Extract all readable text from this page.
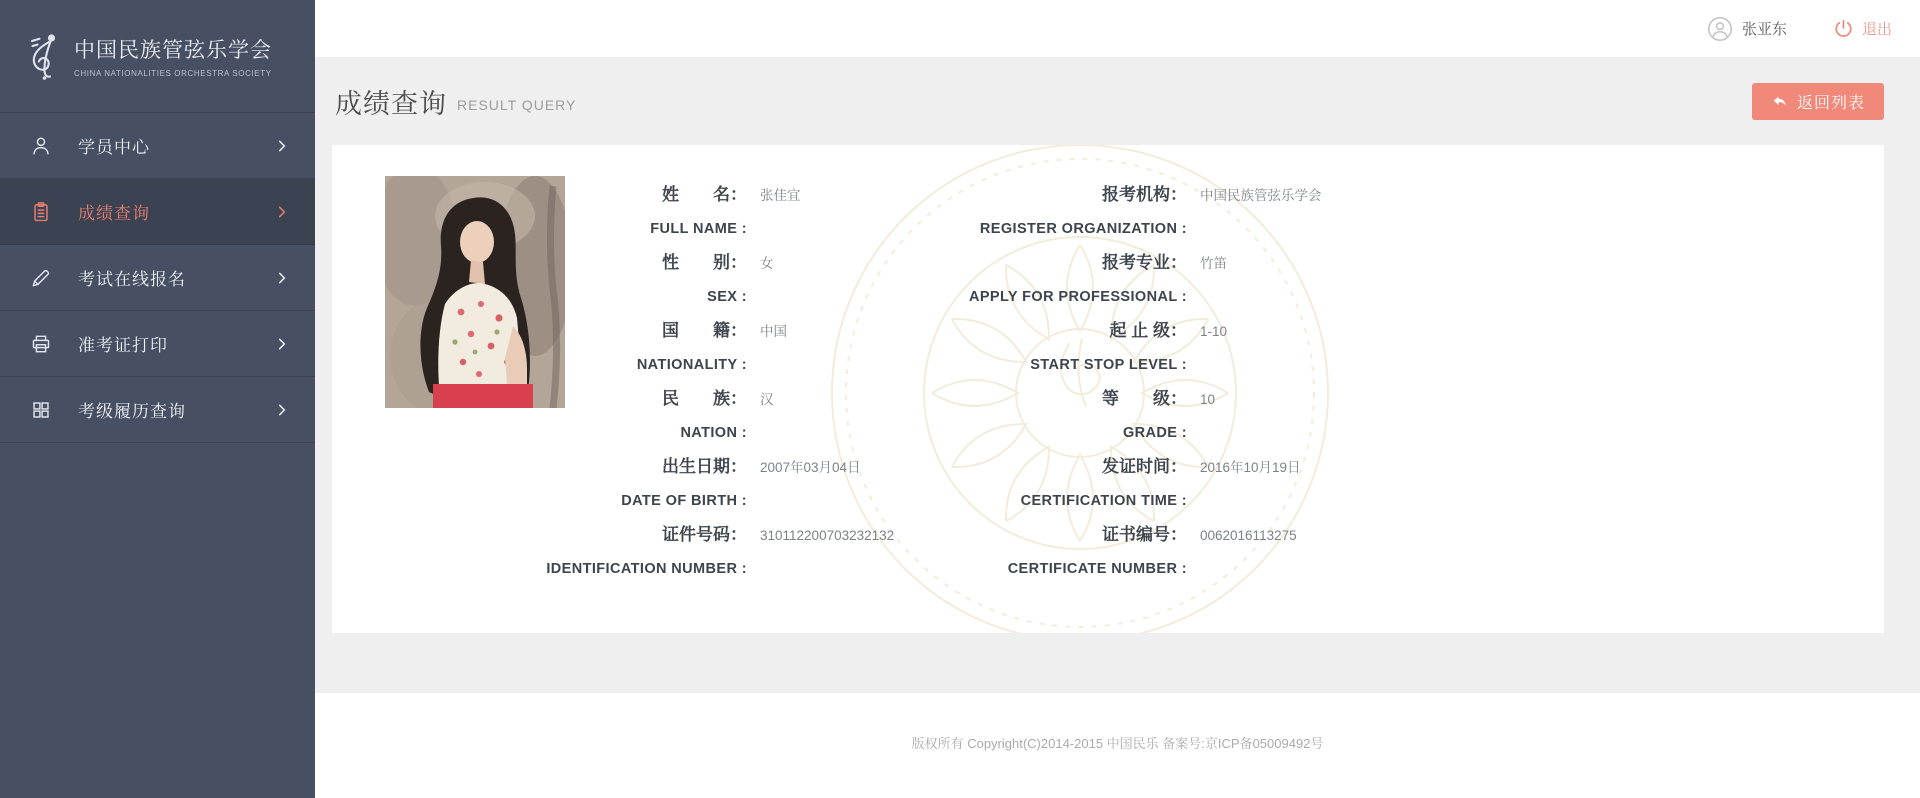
中国民族管弦乐学会
CHINA NATIONALITIES ORCHESTRA SOCIETY
学员中心
成绩查询
考试在线报名
准考证打印
考级履历查询
张亚东	退出
成绩查询 RESULT QUERY	返回列表
姓　　名：
FULL NAME :
张佳宜
性　　别：
SEX :
女
国　　籍：
NATIONALITY :
中国
民　　族：
NATION :
汉
出生日期：
DATE OF BIRTH :
2007年03月04日
证件号码：
IDENTIFICATION NUMBER :
310112200703232132
报考机构：
REGISTER ORGANIZATION :
中国民族管弦乐学会
报考专业：
APPLY FOR PROFESSIONAL :
竹笛
起 止 级：
START STOP LEVEL :
1-10
等　　级：
GRADE :
10
发证时间：
CERTIFICATION TIME :
2016年10月19日
证书编号：
CERTIFICATE NUMBER :
0062016113275
版权所有 Copyright(C)2014-2015 中国民乐 备案号:京ICP备05009492号
